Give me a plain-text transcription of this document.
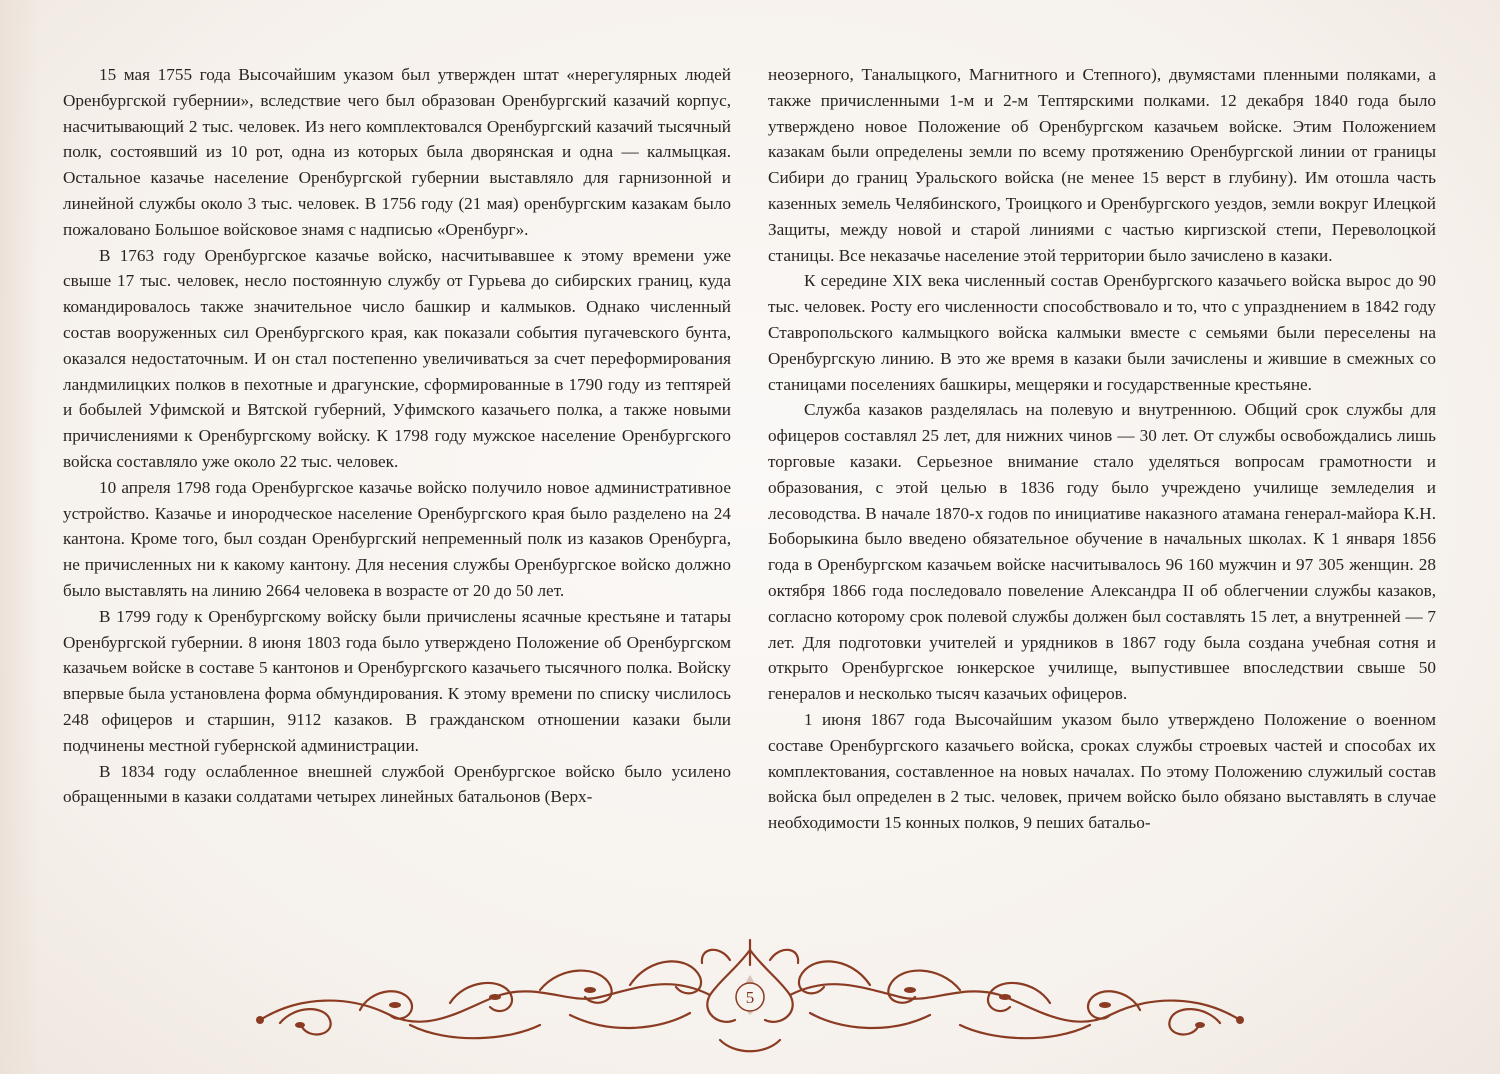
15 мая 1755 года Высочайшим указом был утвержден штат «нерегулярных людей Оренбургской губернии», вследствие чего был образован Оренбургский казачий корпус, насчитывающий 2 тыс. человек. Из него комплектовался Оренбургский казачий тысячный полк, состоявший из 10 рот, одна из которых была дворянская и одна — калмыцкая. Остальное казачье население Оренбургской губернии выставляло для гарнизонной и линейной службы около 3 тыс. человек. В 1756 году (21 мая) оренбургским казакам было пожаловано Большое войсковое знамя с надписью «Оренбург».

В 1763 году Оренбургское казачье войско, насчитывавшее к этому времени уже свыше 17 тыс. человек, несло постоянную службу от Гурьева до сибирских границ, куда командировалось также значительное число башкир и калмыков. Однако численный состав вооруженных сил Оренбургского края, как показали события пугачевского бунта, оказался недостаточным. И он стал постепенно увеличиваться за счет переформирования ландмилицких полков в пехотные и драгунские, сформированные в 1790 году из тептярей и бобылей Уфимской и Вятской губерний, Уфимского казачьего полка, а также новыми причислениями к Оренбургскому войску. К 1798 году мужское население Оренбургского войска составляло уже около 22 тыс. человек.

10 апреля 1798 года Оренбургское казачье войско получило новое административное устройство. Казачье и инородческое население Оренбургского края было разделено на 24 кантона. Кроме того, был создан Оренбургский непременный полк из казаков Оренбурга, не причисленных ни к какому кантону. Для несения службы Оренбургское войско должно было выставлять на линию 2664 человека в возрасте от 20 до 50 лет.

В 1799 году к Оренбургскому войску были причислены ясачные крестьяне и татары Оренбургской губернии. 8 июня 1803 года было утверждено Положение об Оренбургском казачьем войске в составе 5 кантонов и Оренбургского казачьего тысячного полка. Войску впервые была установлена форма обмундирования. К этому времени по списку числилось 248 офицеров и старшин, 9112 казаков. В гражданском отношении казаки были подчинены местной губернской администрации.

В 1834 году ослабленное внешней службой Оренбургское войско было усилено обращенными в казаки солдатами четырех линейных батальонов (Верх-

неозерного, Таналыцкого, Магнитного и Степного), двумястами пленными поляками, а также причисленными 1-м и 2-м Тептярскими полками. 12 декабря 1840 года было утверждено новое Положение об Оренбургском казачьем войске. Этим Положением казакам были определены земли по всему протяжению Оренбургской линии от границы Сибири до границ Уральского войска (не менее 15 верст в глубину). Им отошла часть казенных земель Челябинского, Троицкого и Оренбургского уездов, земли вокруг Илецкой Защиты, между новой и старой линиями с частью киргизской степи, Переволоцкой станицы. Все неказачье население этой территории было зачислено в казаки.

К середине XIX века численный состав Оренбургского казачьего войска вырос до 90 тыс. человек. Росту его численности способствовало и то, что с упразднением в 1842 году Ставропольского калмыцкого войска калмыки вместе с семьями были переселены на Оренбургскую линию. В это же время в казаки были зачислены и жившие в смежных со станицами поселениях башкиры, мещеряки и государственные крестьяне.

Служба казаков разделялась на полевую и внутреннюю. Общий срок службы для офицеров составлял 25 лет, для нижних чинов — 30 лет. От службы освобождались лишь торговые казаки. Серьезное внимание стало уделяться вопросам грамотности и образования, с этой целью в 1836 году было учреждено училище земледелия и лесоводства. В начале 1870-х годов по инициативе наказного атамана генерал-майора К.Н. Боборыкина было введено обязательное обучение в начальных школах. К 1 января 1856 года в Оренбургском казачьем войске насчитывалось 96 160 мужчин и 97 305 женщин. 28 октября 1866 года последовало повеление Александра II об облегчении службы казаков, согласно которому срок полевой службы должен был составлять 15 лет, а внутренней — 7 лет. Для подготовки учителей и урядников в 1867 году была создана учебная сотня и открыто Оренбургское юнкерское училище, выпустившее впоследствии свыше 50 генералов и несколько тысяч казачьих офицеров.

1 июня 1867 года Высочайшим указом было утверждено Положение о военном составе Оренбургского казачьего войска, сроках службы строевых частей и способах их комплектования, составленное на новых началах. По этому Положению служилый состав войска был определен в 2 тыс. человек, причем войско было обязано выставлять в случае необходимости 15 конных полков, 9 пеших батальо-

5
